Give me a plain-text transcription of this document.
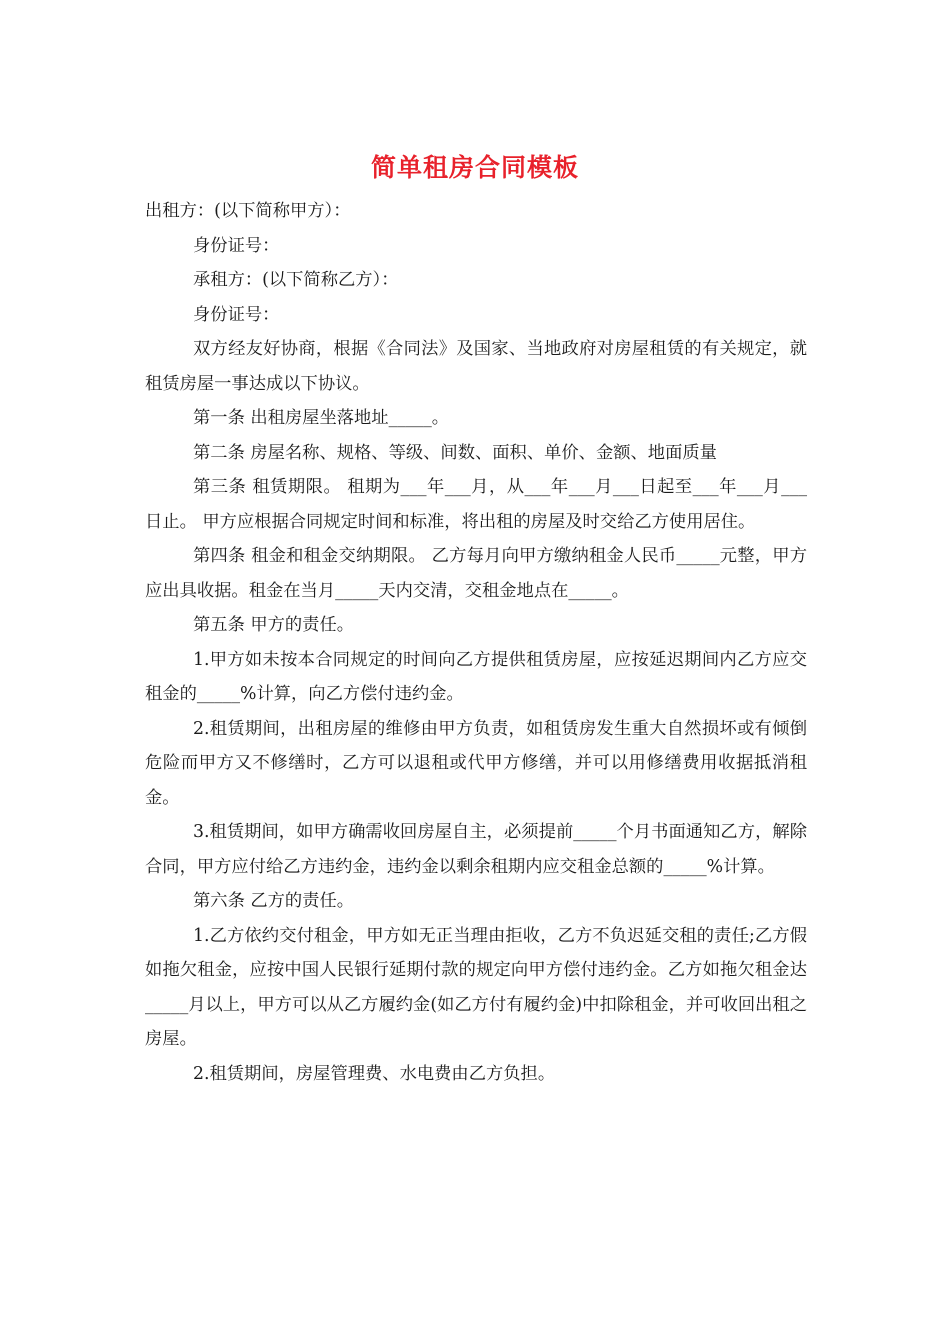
简单租房合同模板

出租方：(以下简称甲方）：

身份证号：

承租方：(以下简称乙方）：

身份证号：

双方经友好协商，根据《合同法》及国家、当地政府对房屋租赁的有关规定，就租赁房屋一事达成以下协议。

第一条 出租房屋坐落地址_____。

第二条 房屋名称、规格、等级、间数、面积、单价、金额、地面质量

第三条 租赁期限。 租期为___年___月，从___年___月___日起至___年___月___日止。 甲方应根据合同规定时间和标准，将出租的房屋及时交给乙方使用居住。

第四条 租金和租金交纳期限。 乙方每月向甲方缴纳租金人民币_____元整，甲方应出具收据。租金在当月_____天内交清，交租金地点在_____。

第五条 甲方的责任。

1.甲方如未按本合同规定的时间向乙方提供租赁房屋，应按延迟期间内乙方应交租金的_____%计算，向乙方偿付违约金。

2.租赁期间，出租房屋的维修由甲方负责，如租赁房发生重大自然损坏或有倾倒危险而甲方又不修缮时，乙方可以退租或代甲方修缮，并可以用修缮费用收据抵消租金。

3.租赁期间，如甲方确需收回房屋自主，必须提前_____个月书面通知乙方，解除合同，甲方应付给乙方违约金，违约金以剩余租期内应交租金总额的_____%计算。

第六条 乙方的责任。

1.乙方依约交付租金，甲方如无正当理由拒收，乙方不负迟延交租的责任;乙方假如拖欠租金，应按中国人民银行延期付款的规定向甲方偿付违约金。乙方如拖欠租金达_____月以上，甲方可以从乙方履约金(如乙方付有履约金)中扣除租金，并可收回出租之房屋。

2.租赁期间，房屋管理费、水电费由乙方负担。
